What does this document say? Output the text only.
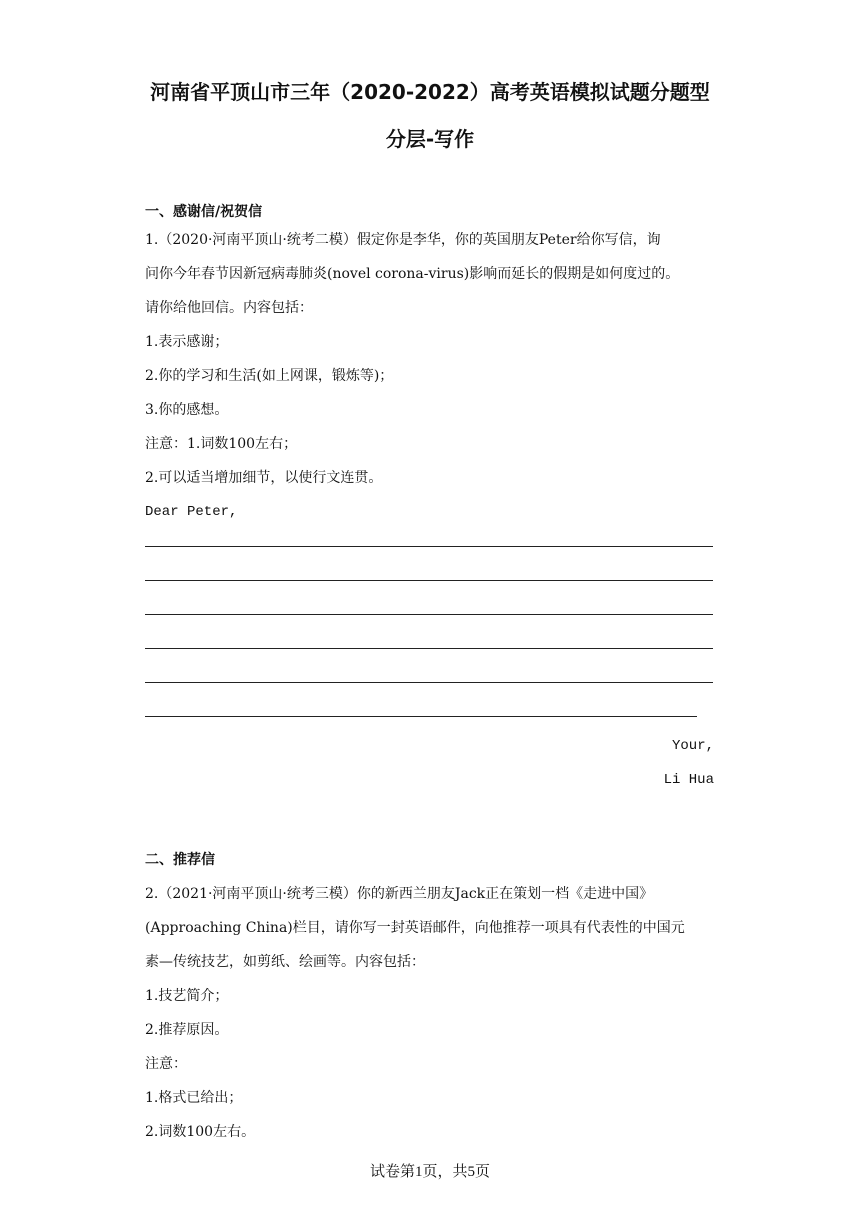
河南省平顶山市三年（2020-2022）高考英语模拟试题分题型
分层-写作
一、感谢信/祝贺信
1.（2020·河南平顶山·统考二模）假定你是李华，你的英国朋友Peter给你写信，询
问你今年春节因新冠病毒肺炎(novel corona-virus)影响而延长的假期是如何度过的。
请你给他回信。内容包括：
1.表示感谢；
2.你的学习和生活(如上网课，锻炼等)；
3.你的感想。
注意：1.词数100左右；
2.可以适当增加细节，以使行文连贯。
Dear Peter,
Your,
Li Hua
二、推荐信
2.（2021·河南平顶山·统考三模）你的新西兰朋友Jack正在策划一档《走进中国》
(Approaching China)栏目，请你写一封英语邮件，向他推荐一项具有代表性的中国元
素—传统技艺，如剪纸、绘画等。内容包括：
1.技艺简介；
2.推荐原因。
注意：
1.格式已给出；
2.词数100左右。
试卷第1页，共5页
